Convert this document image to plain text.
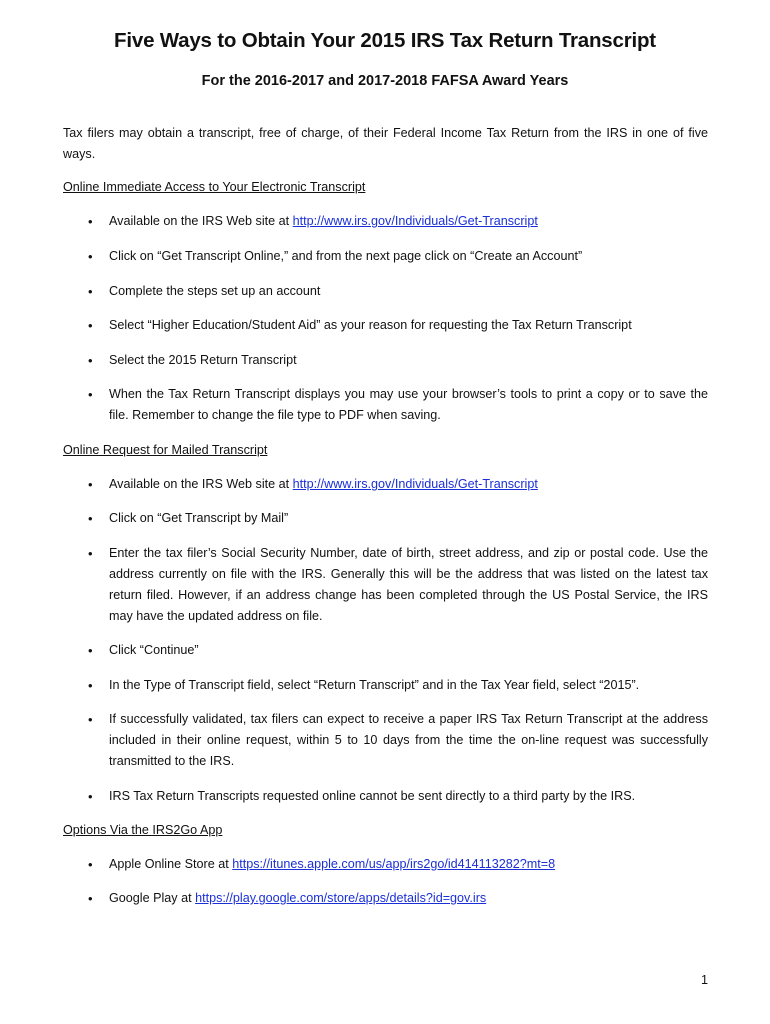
Five Ways to Obtain Your 2015 IRS Tax Return Transcript
For the 2016-2017 and 2017-2018 FAFSA Award Years
Tax filers may obtain a transcript, free of charge, of their Federal Income Tax Return from the IRS in one of five ways.
Online Immediate Access to Your Electronic Transcript
• Available on the IRS Web site at http://www.irs.gov/Individuals/Get-Transcript
• Click on “Get Transcript Online,” and from the next page click on “Create an Account”
• Complete the steps set up an account
• Select “Higher Education/Student Aid” as your reason for requesting the Tax Return Transcript
• Select the 2015 Return Transcript
• When the Tax Return Transcript displays you may use your browser’s tools to print a copy or to save the file. Remember to change the file type to PDF when saving.
Online Request for Mailed Transcript
• Available on the IRS Web site at http://www.irs.gov/Individuals/Get-Transcript
• Click on “Get Transcript by Mail”
• Enter the tax filer’s Social Security Number, date of birth, street address, and zip or postal code. Use the address currently on file with the IRS. Generally this will be the address that was listed on the latest tax return filed. However, if an address change has been completed through the US Postal Service, the IRS may have the updated address on file.
• Click “Continue”
• In the Type of Transcript field, select “Return Transcript” and in the Tax Year field, select “2015”.
• If successfully validated, tax filers can expect to receive a paper IRS Tax Return Transcript at the address included in their online request, within 5 to 10 days from the time the on-line request was successfully transmitted to the IRS.
• IRS Tax Return Transcripts requested online cannot be sent directly to a third party by the IRS.
Options Via the IRS2Go App
• Apple Online Store at https://itunes.apple.com/us/app/irs2go/id414113282?mt=8
• Google Play at https://play.google.com/store/apps/details?id=gov.irs
1
